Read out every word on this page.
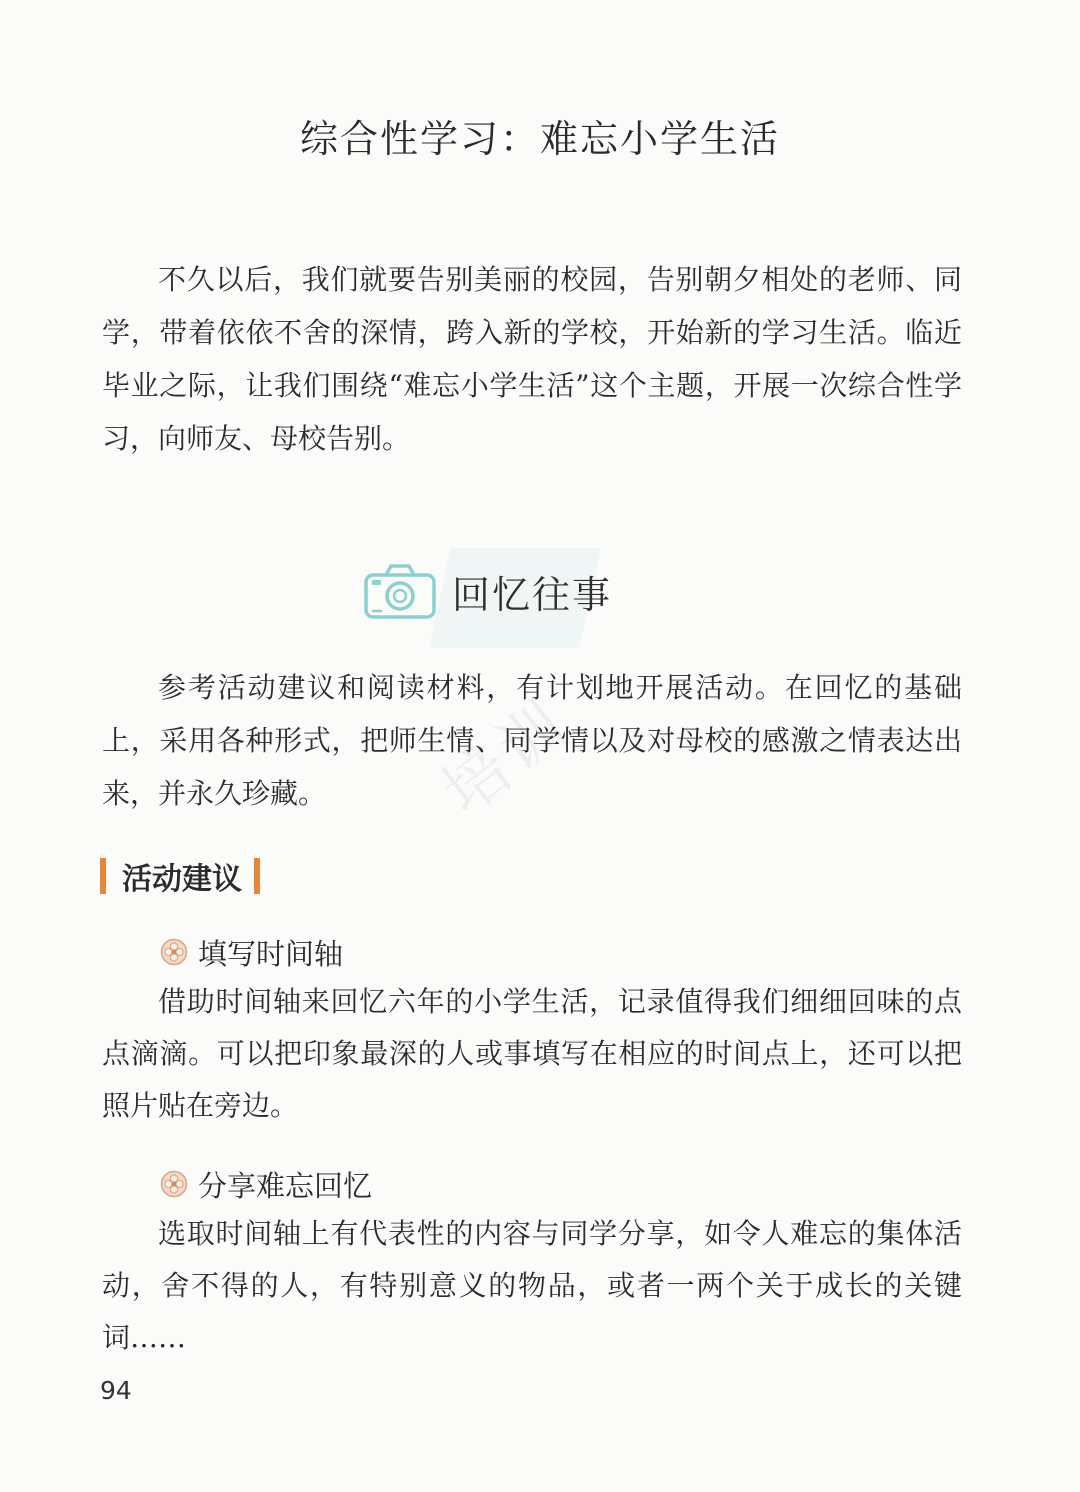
培训
综合性学习：难忘小学生活

不久以后，我们就要告别美丽的校园，告别朝夕相处的老师、同学，带着依依不舍的深情，跨入新的学校，开始新的学习生活。临近毕业之际，让我们围绕“难忘小学生活”这个主题，开展一次综合性学习，向师友、母校告别。

回忆往事

参考活动建议和阅读材料，有计划地开展活动。在回忆的基础上，采用各种形式，把师生情、同学情以及对母校的感激之情表达出来，并永久珍藏。

活动建议
填写时间轴

借助时间轴来回忆六年的小学生活，记录值得我们细细回味的点点滴滴。可以把印象最深的人或事填写在相应的时间点上，还可以把照片贴在旁边。

分享难忘回忆

选取时间轴上有代表性的内容与同学分享，如令人难忘的集体活动，舍不得的人，有特别意义的物品，或者一两个关于成长的关键词……

94
